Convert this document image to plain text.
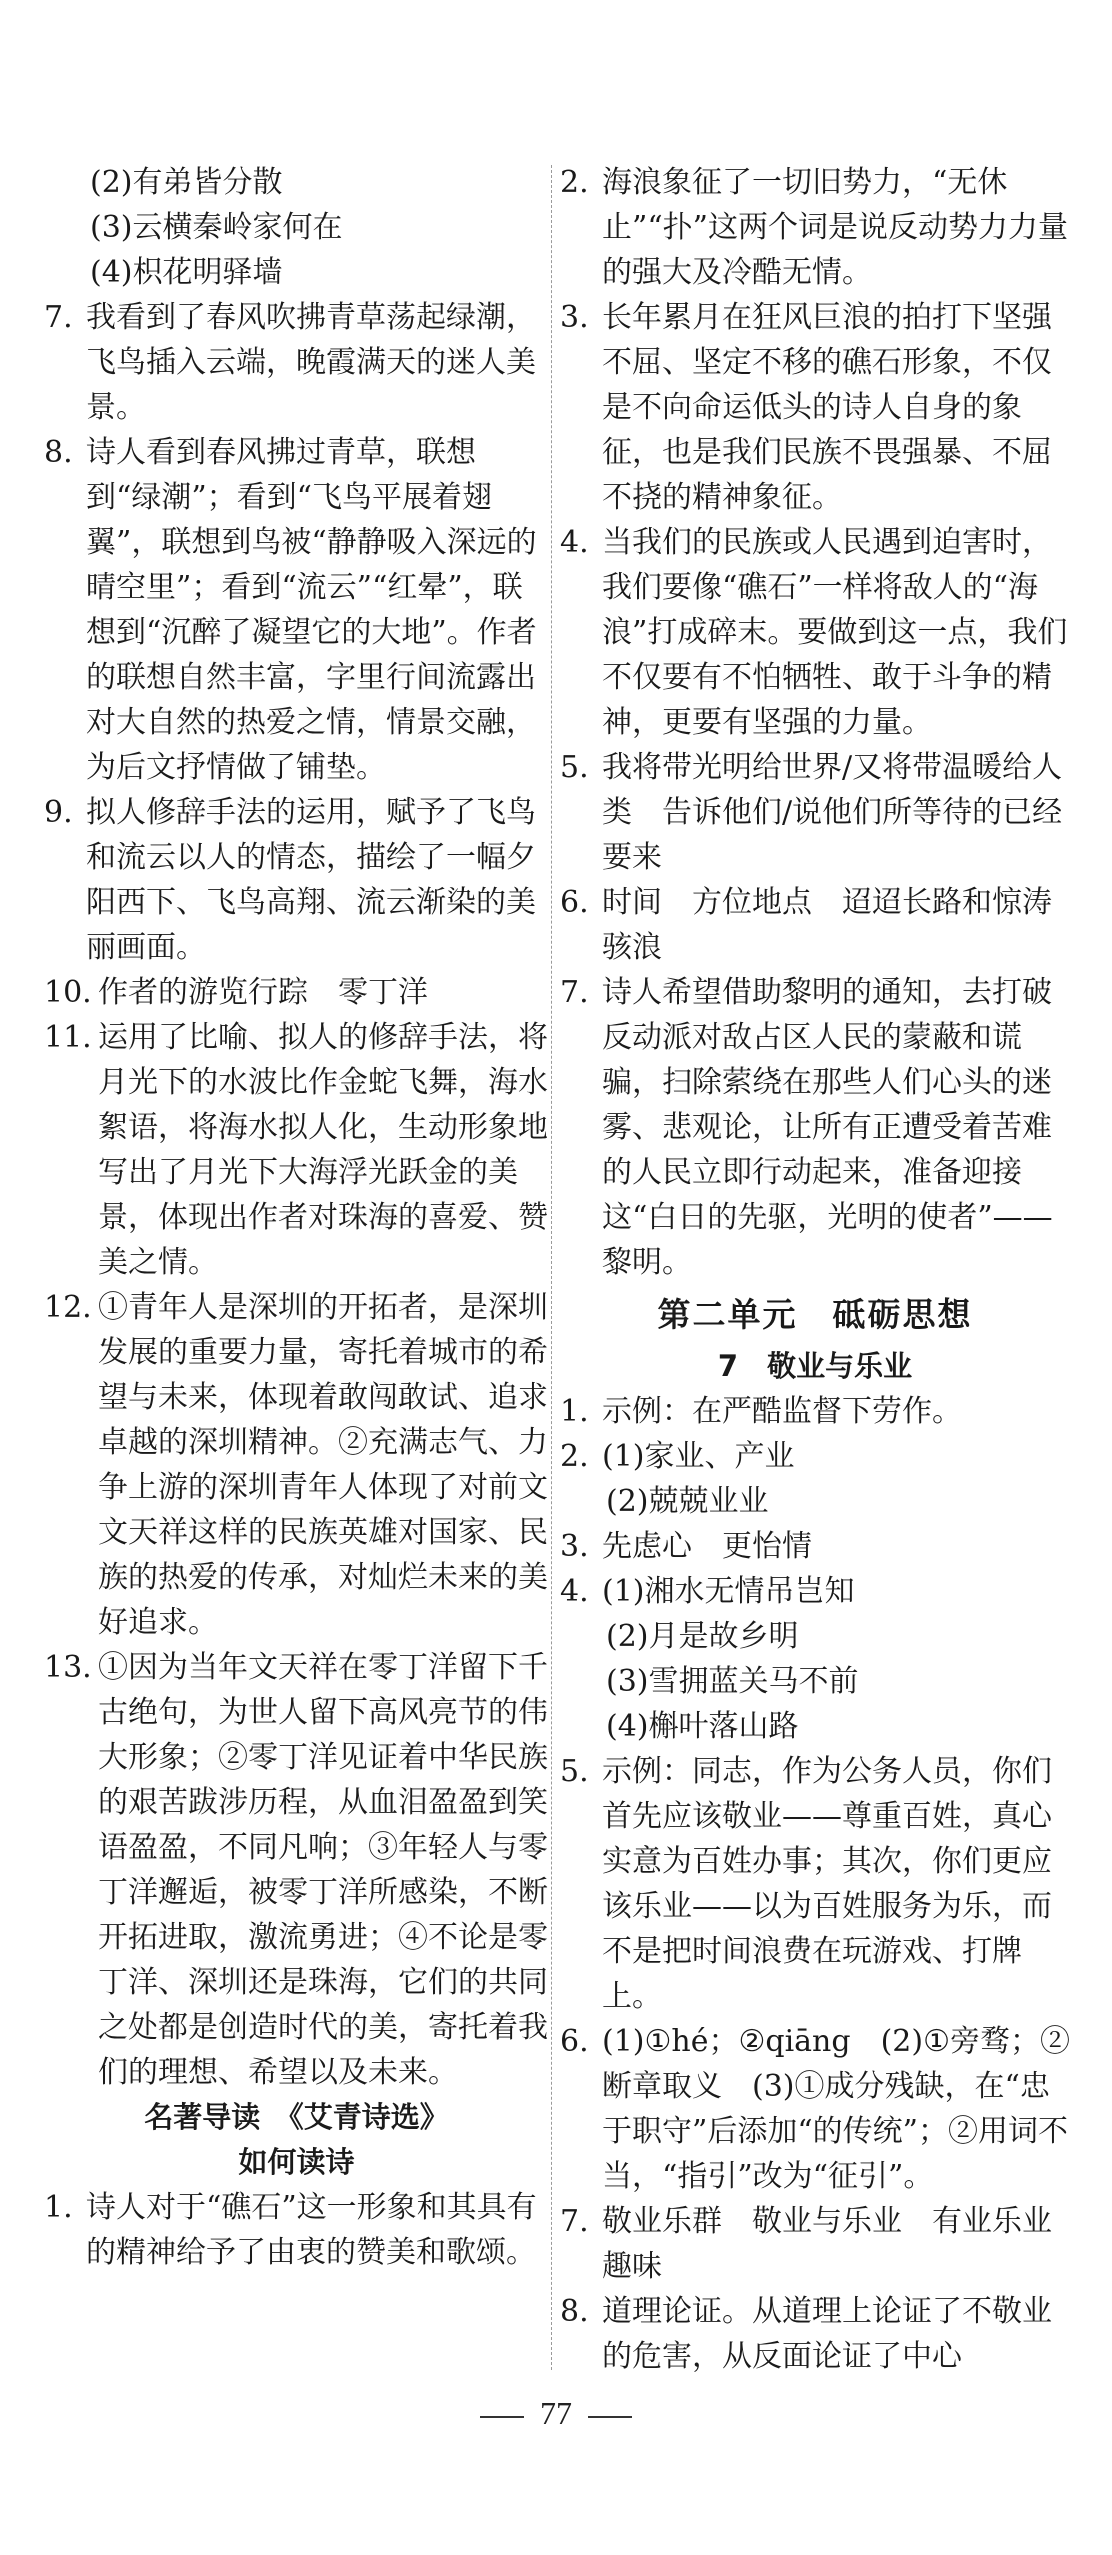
(2)有弟皆分散
(3)云横秦岭家何在
(4)枳花明驿墙
7. 我看到了春风吹拂青草荡起绿潮，飞鸟插入云端，晚霞满天的迷人美景。
8. 诗人看到春风拂过青草，联想到“绿潮”；看到“飞鸟平展着翅翼”，联想到鸟被“静静吸入深远的晴空里”；看到“流云”“红晕”，联想到“沉醉了凝望它的大地”。作者的联想自然丰富，字里行间流露出对大自然的热爱之情，情景交融，为后文抒情做了铺垫。
9. 拟人修辞手法的运用，赋予了飞鸟和流云以人的情态，描绘了一幅夕阳西下、飞鸟高翔、流云渐染的美丽画面。
10. 作者的游览行踪　零丁洋
11. 运用了比喻、拟人的修辞手法，将月光下的水波比作金蛇飞舞，海水絮语，将海水拟人化，生动形象地写出了月光下大海浮光跃金的美景，体现出作者对珠海的喜爱、赞美之情。
12. ①青年人是深圳的开拓者，是深圳发展的重要力量，寄托着城市的希望与未来，体现着敢闯敢试、追求卓越的深圳精神。②充满志气、力争上游的深圳青年人体现了对前文文天祥这样的民族英雄对国家、民族的热爱的传承，对灿烂未来的美好追求。
13. ①因为当年文天祥在零丁洋留下千古绝句，为世人留下高风亮节的伟大形象；②零丁洋见证着中华民族的艰苦跋涉历程，从血泪盈盈到笑语盈盈，不同凡响；③年轻人与零丁洋邂逅，被零丁洋所感染，不断开拓进取，激流勇进；④不论是零丁洋、深圳还是珠海，它们的共同之处都是创造时代的美，寄托着我们的理想、希望以及未来。
名著导读　《艾青诗选》
如何读诗
1. 诗人对于“礁石”这一形象和其具有的精神给予了由衷的赞美和歌颂。
2. 海浪象征了一切旧势力，“无休止”“扑”这两个词是说反动势力力量的强大及冷酷无情。
3. 长年累月在狂风巨浪的拍打下坚强不屈、坚定不移的礁石形象，不仅是不向命运低头的诗人自身的象征，也是我们民族不畏强暴、不屈不挠的精神象征。
4. 当我们的民族或人民遇到迫害时，我们要像“礁石”一样将敌人的“海浪”打成碎末。要做到这一点，我们不仅要有不怕牺牲、敢于斗争的精神，更要有坚强的力量。
5. 我将带光明给世界/又将带温暖给人类　告诉他们/说他们所等待的已经要来
6. 时间　方位地点　迢迢长路和惊涛骇浪
7. 诗人希望借助黎明的通知，去打破反动派对敌占区人民的蒙蔽和谎骗，扫除萦绕在那些人们心头的迷雾、悲观论，让所有正遭受着苦难的人民立即行动起来，准备迎接这“白日的先驱，光明的使者”——黎明。
第二单元　砥砺思想
7　敬业与乐业
1. 示例：在严酷监督下劳作。
2. (1)家业、产业
(2)兢兢业业
3. 先虑心　更怡情
4. (1)湘水无情吊岂知
(2)月是故乡明
(3)雪拥蓝关马不前
(4)槲叶落山路
5. 示例：同志，作为公务人员，你们首先应该敬业——尊重百姓，真心实意为百姓办事；其次，你们更应该乐业——以为百姓服务为乐，而不是把时间浪费在玩游戏、打牌上。
6. (1)①hé；②qiāng　(2)①旁骛；②断章取义　(3)①成分残缺，在“忠于职守”后添加“的传统”；②用词不当，“指引”改为“征引”。
7. 敬业乐群　敬业与乐业　有业乐业　趣味
8. 道理论证。从道理上论证了不敬业的危害，从反面论证了中心
77
